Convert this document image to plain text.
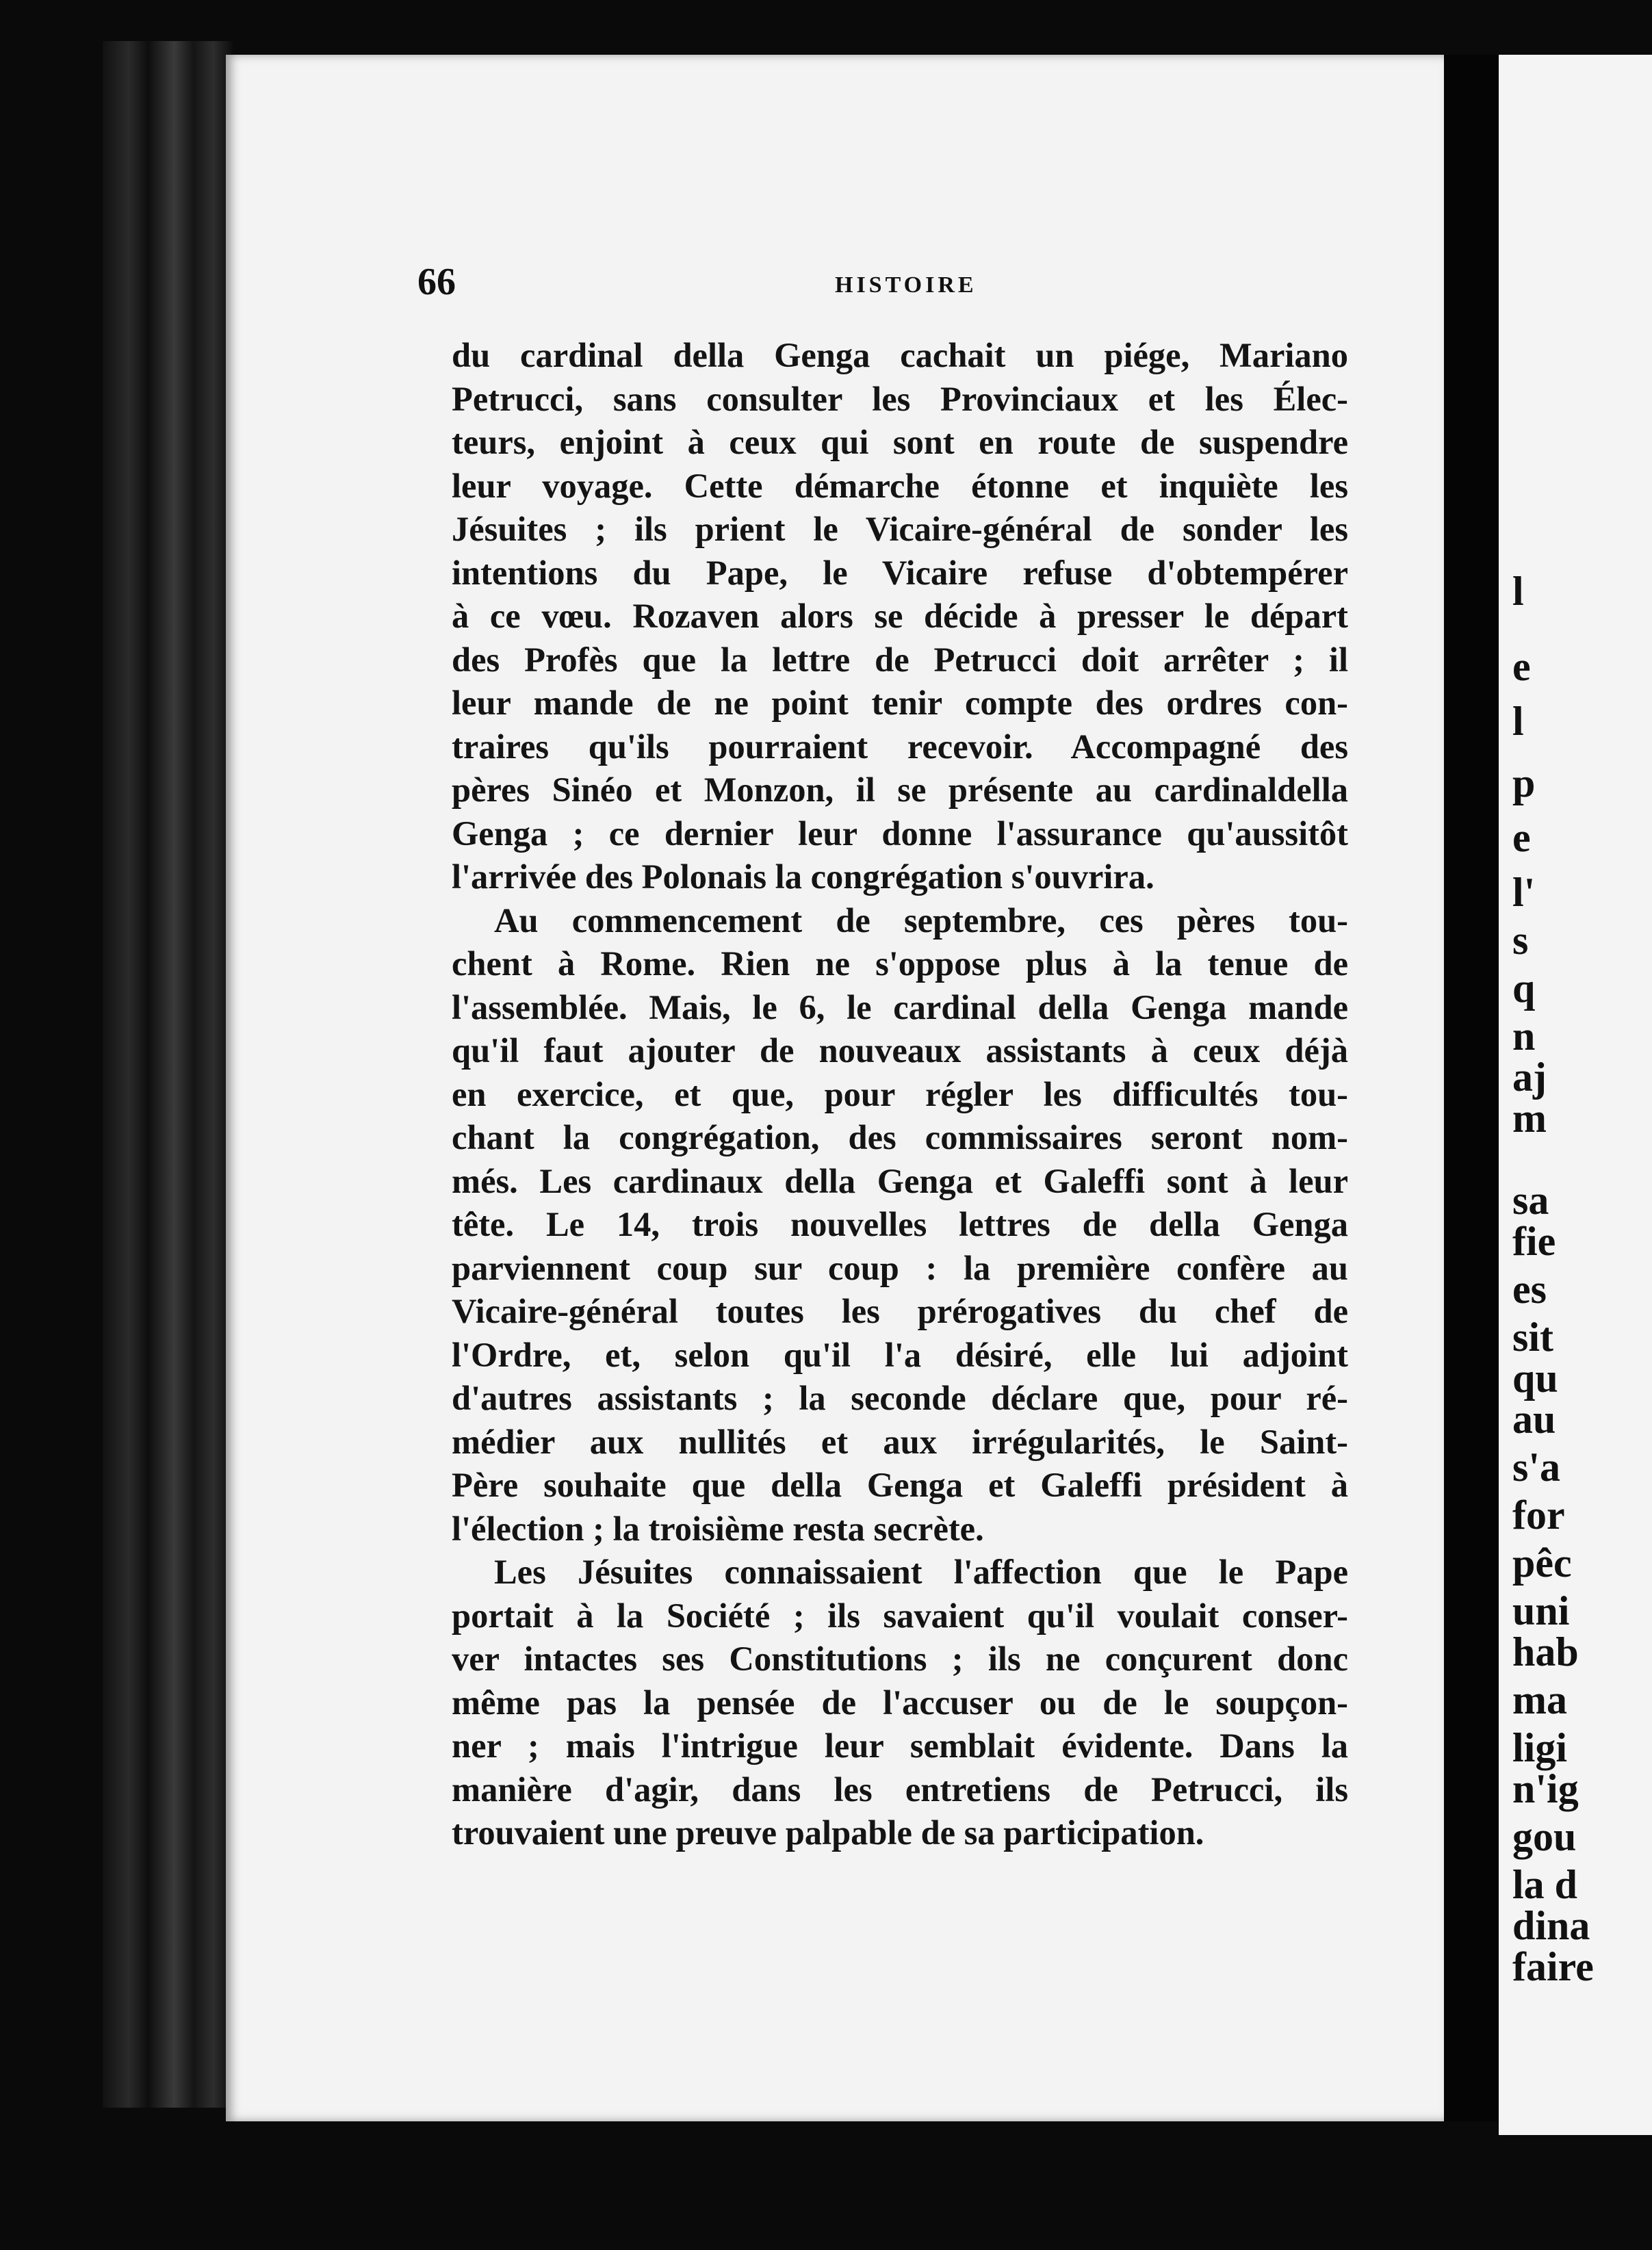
l
e
l
p
e
l'
s
q
n
aj
m
sa
fie
es
sit
qu
au
s'a
for
pêc
uni
hab
ma
ligi
n'ig
gou
la d
dina
faire
66	HISTOIRE
du cardinal della Genga cachait un piége, Mariano
Petrucci, sans consulter les Provinciaux et les Élec-
teurs, enjoint à ceux qui sont en route de suspendre
leur voyage. Cette démarche étonne et inquiète les
Jésuites ; ils prient le Vicaire-général de sonder les
intentions du Pape, le Vicaire refuse d'obtempérer
à ce vœu. Rozaven alors se décide à presser le départ
des Profès que la lettre de Petrucci doit arrêter ; il
leur mande de ne point tenir compte des ordres con-
traires qu'ils pourraient recevoir. Accompagné des
pères Sinéo et Monzon, il se présente au cardinaldella
Genga ; ce dernier leur donne l'assurance qu'aussitôt
l'arrivée des Polonais la congrégation s'ouvrira.
Au commencement de septembre, ces pères tou-
chent à Rome. Rien ne s'oppose plus à la tenue de
l'assemblée. Mais, le 6, le cardinal della Genga mande
qu'il faut ajouter de nouveaux assistants à ceux déjà
en exercice, et que, pour régler les difficultés tou-
chant la congrégation, des commissaires seront nom-
més. Les cardinaux della Genga et Galeffi sont à leur
tête. Le 14, trois nouvelles lettres de della Genga
parviennent coup sur coup : la première confère au
Vicaire-général toutes les prérogatives du chef de
l'Ordre, et, selon qu'il l'a désiré, elle lui adjoint
d'autres assistants ; la seconde déclare que, pour ré-
médier aux nullités et aux irrégularités, le Saint-
Père souhaite que della Genga et Galeffi président à
l'élection ; la troisième resta secrète.
Les Jésuites connaissaient l'affection que le Pape
portait à la Société ; ils savaient qu'il voulait conser-
ver intactes ses Constitutions ; ils ne conçurent donc
même pas la pensée de l'accuser ou de le soupçon-
ner ; mais l'intrigue leur semblait évidente. Dans la
manière d'agir, dans les entretiens de Petrucci, ils
trouvaient une preuve palpable de sa participation.
